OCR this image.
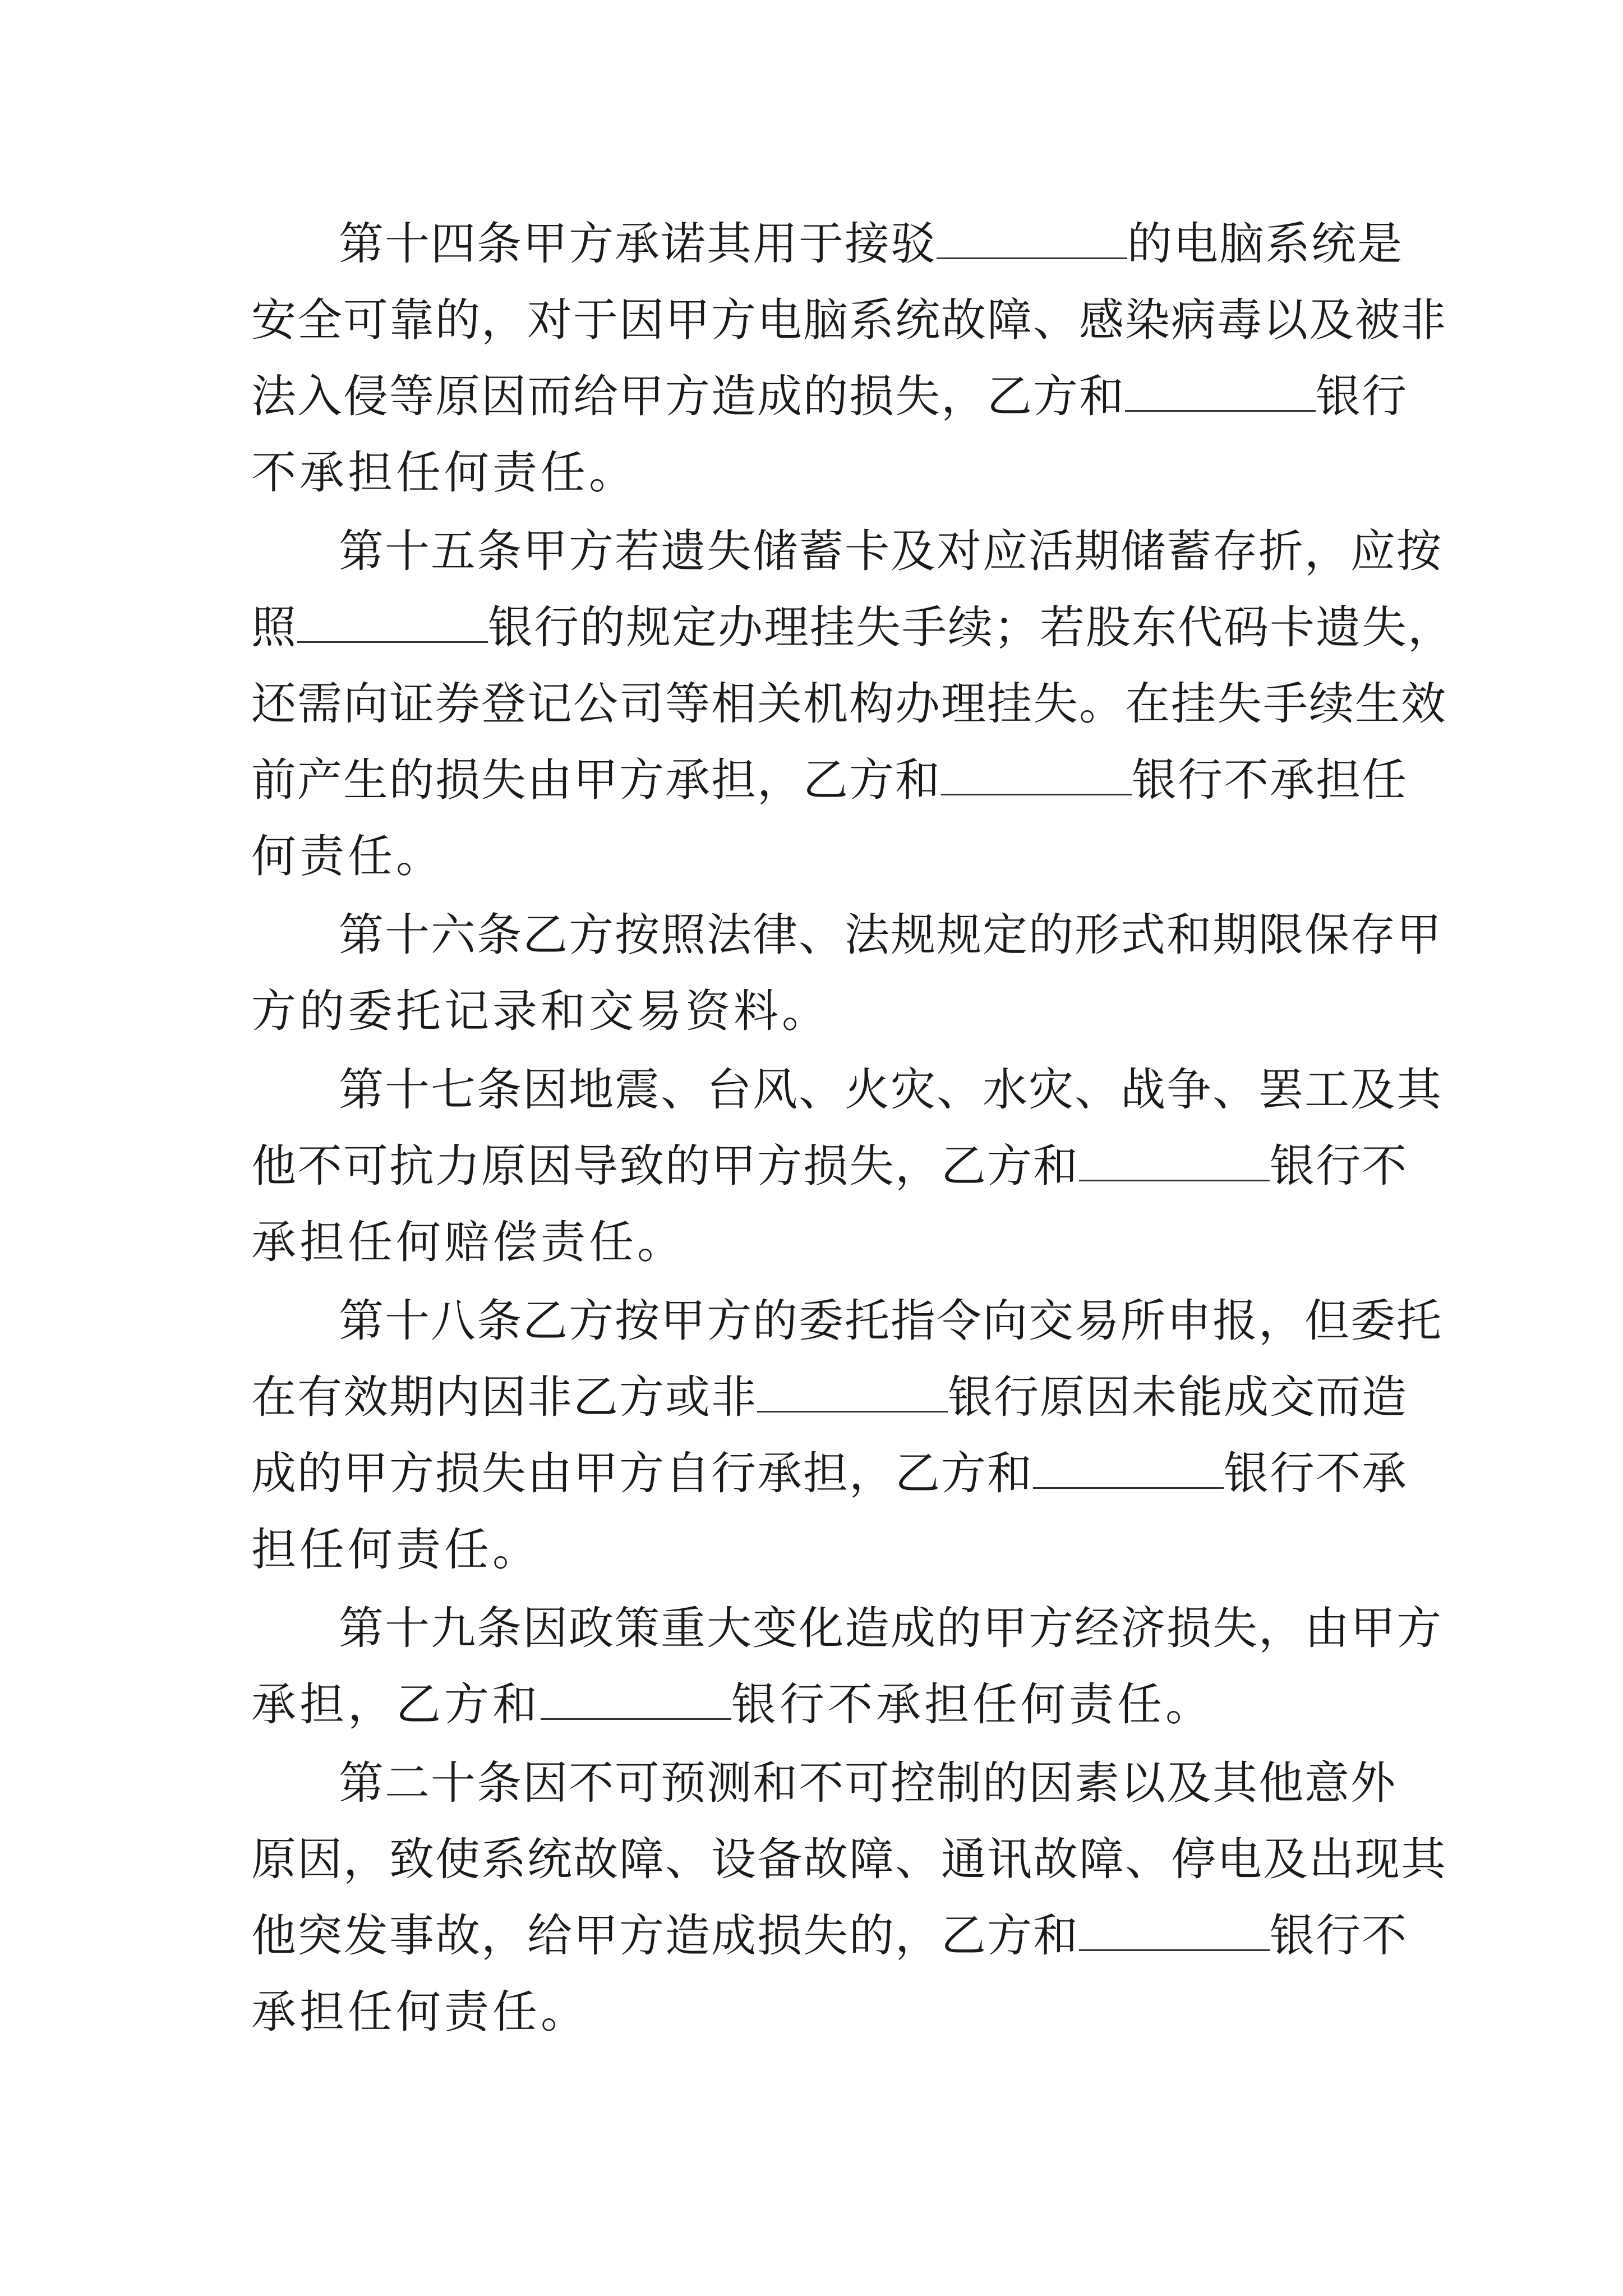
第十四条甲方承诺其用于接驳	的电脑系统是
安全可靠的，对于因甲方电脑系统故障、感染病毒以及被非
法入侵等原因而给甲方造成的损失，乙方和	银行
不承担任何责任。
第十五条甲方若遗失储蓄卡及对应活期储蓄存折，应按
照	银行的规定办理挂失手续；若股东代码卡遗失，
还需向证券登记公司等相关机构办理挂失。在挂失手续生效
前产生的损失由甲方承担，乙方和	银行不承担任
何责任。
第十六条乙方按照法律、法规规定的形式和期限保存甲
方的委托记录和交易资料。
第十七条因地震、台风、火灾、水灾、战争、罢工及其
他不可抗力原因导致的甲方损失，乙方和	银行不
承担任何赔偿责任。
第十八条乙方按甲方的委托指令向交易所申报，但委托
在有效期内因非乙方或非	银行原因未能成交而造
成的甲方损失由甲方自行承担，乙方和	银行不承
担任何责任。
第十九条因政策重大变化造成的甲方经济损失，由甲方
承担，乙方和	银行不承担任何责任。
第二十条因不可预测和不可控制的因素以及其他意外
原因，致使系统故障、设备故障、通讯故障、停电及出现其
他突发事故，给甲方造成损失的，乙方和	银行不
承担任何责任。
